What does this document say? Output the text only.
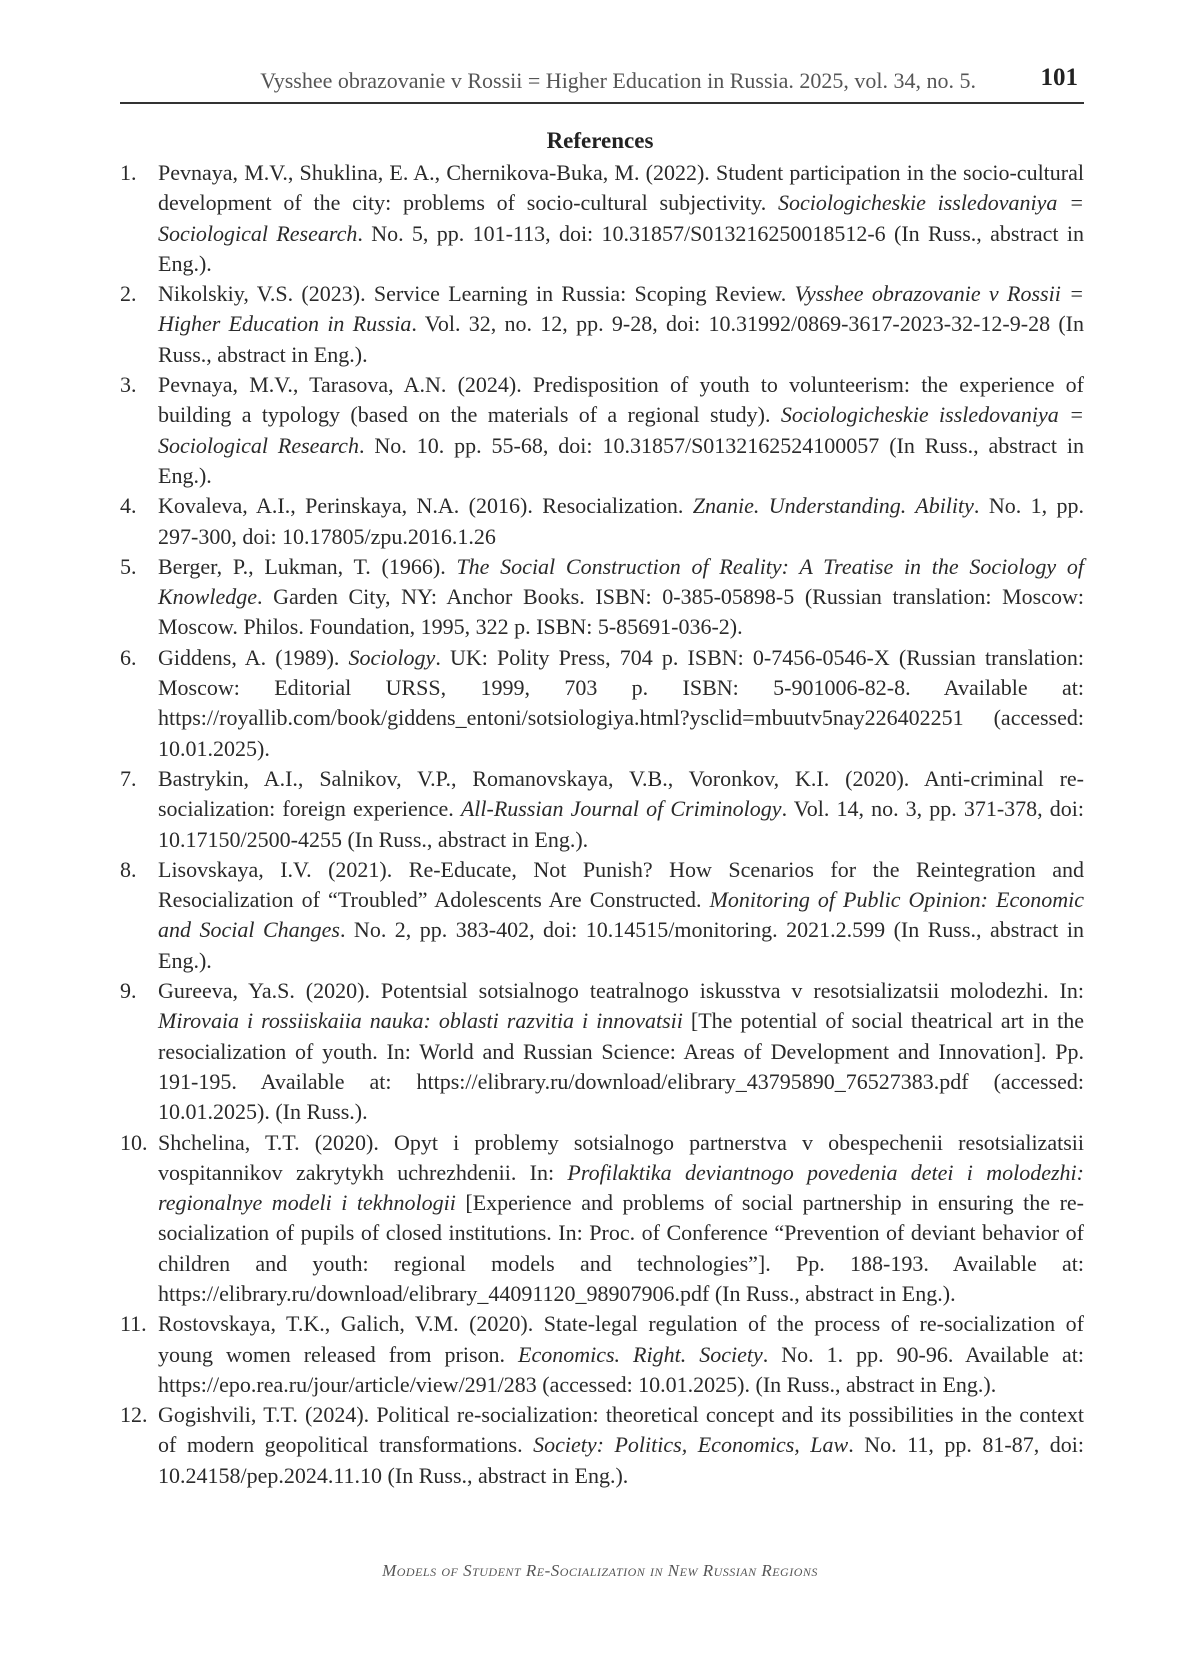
Vysshee obrazovanie v Rossii = Higher Education in Russia. 2025, vol. 34, no. 5.	101
References
1. Pevnaya, M.V., Shuklina, E. A., Chernikova-Buka, M. (2022). Student participation in the socio-cultural development of the city: problems of socio-cultural subjectivity. Sociologicheskie issledovaniya = Sociological Research. No. 5, pp. 101-113, doi: 10.31857/S013216250018512-6 (In Russ., abstract in Eng.).
2. Nikolskiy, V.S. (2023). Service Learning in Russia: Scoping Review. Vysshee obrazovanie v Rossii = Higher Education in Russia. Vol. 32, no. 12, pp. 9-28, doi: 10.31992/0869-3617-2023-32-12-9-28 (In Russ., abstract in Eng.).
3. Pevnaya, M.V., Tarasova, A.N. (2024). Predisposition of youth to volunteerism: the experience of building a typology (based on the materials of a regional study). Sociologicheskie issledovaniya = Sociological Research. No. 10. pp. 55-68, doi: 10.31857/S0132162524100057 (In Russ., abstract in Eng.).
4. Kovaleva, A.I., Perinskaya, N.A. (2016). Resocialization. Znanie. Understanding. Ability. No. 1, pp. 297-300, doi: 10.17805/zpu.2016.1.26
5. Berger, P., Lukman, T. (1966). The Social Construction of Reality: A Treatise in the Sociology of Knowledge. Garden City, NY: Anchor Books. ISBN: 0-385-05898-5 (Russian translation: Moscow: Moscow. Philos. Foundation, 1995, 322 p. ISBN: 5-85691-036-2).
6. Giddens, A. (1989). Sociology. UK: Polity Press, 704 p. ISBN: 0-7456-0546-X (Russian translation: Moscow: Editorial URSS, 1999, 703 p. ISBN: 5-901006-82-8. Available at: https://royallib.com/book/giddens_entoni/sotsiologiya.html?ysclid=mbuutv5nay226402251 (accessed: 10.01.2025).
7. Bastrykin, A.I., Salnikov, V.P., Romanovskaya, V.B., Voronkov, K.I. (2020). Anti-criminal re-socialization: foreign experience. All-Russian Journal of Criminology. Vol. 14, no. 3, pp. 371-378, doi: 10.17150/2500-4255 (In Russ., abstract in Eng.).
8. Lisovskaya, I.V. (2021). Re-Educate, Not Punish? How Scenarios for the Reintegration and Resocialization of “Troubled” Adolescents Are Constructed. Monitoring of Public Opinion: Economic and Social Changes. No. 2, pp. 383-402, doi: 10.14515/monitoring. 2021.2.599 (In Russ., abstract in Eng.).
9. Gureeva, Ya.S. (2020). Potentsial sotsialnogo teatralnogo iskusstva v resotsializatsii molodezhi. In: Mirovaia i rossiiskaiia nauka: oblasti razvitia i innovatsii [The potential of social theatrical art in the resocialization of youth. In: World and Russian Science: Areas of Development and Innovation]. Pp. 191-195. Available at: https://elibrary.ru/download/elibrary_43795890_76527383.pdf (accessed: 10.01.2025). (In Russ.).
10. Shchelina, T.T. (2020). Opyt i problemy sotsialnogo partnerstva v obespechenii resotsializatsii vospitannikov zakrytykh uchrezhdenii. In: Profilaktika deviantnogo povedenia detei i molodezhi: regionalnye modeli i tekhnologii [Experience and problems of social partnership in ensuring the re-socialization of pupils of closed institutions. In: Proc. of Conference “Prevention of deviant behavior of children and youth: regional models and technologies”]. Pp. 188-193. Available at: https://elibrary.ru/download/elibrary_44091120_98907906.pdf (In Russ., abstract in Eng.).
11. Rostovskaya, T.K., Galich, V.M. (2020). State-legal regulation of the process of re-socialization of young women released from prison. Economics. Right. Society. No. 1. pp. 90-96. Available at: https://epo.rea.ru/jour/article/view/291/283 (accessed: 10.01.2025). (In Russ., abstract in Eng.).
12. Gogishvili, T.T. (2024). Political re-socialization: theoretical concept and its possibilities in the context of modern geopolitical transformations. Society: Politics, Economics, Law. No. 11, pp. 81-87, doi: 10.24158/pep.2024.11.10 (In Russ., abstract in Eng.).
Models of Student Re-Socialization in New Russian Regions
